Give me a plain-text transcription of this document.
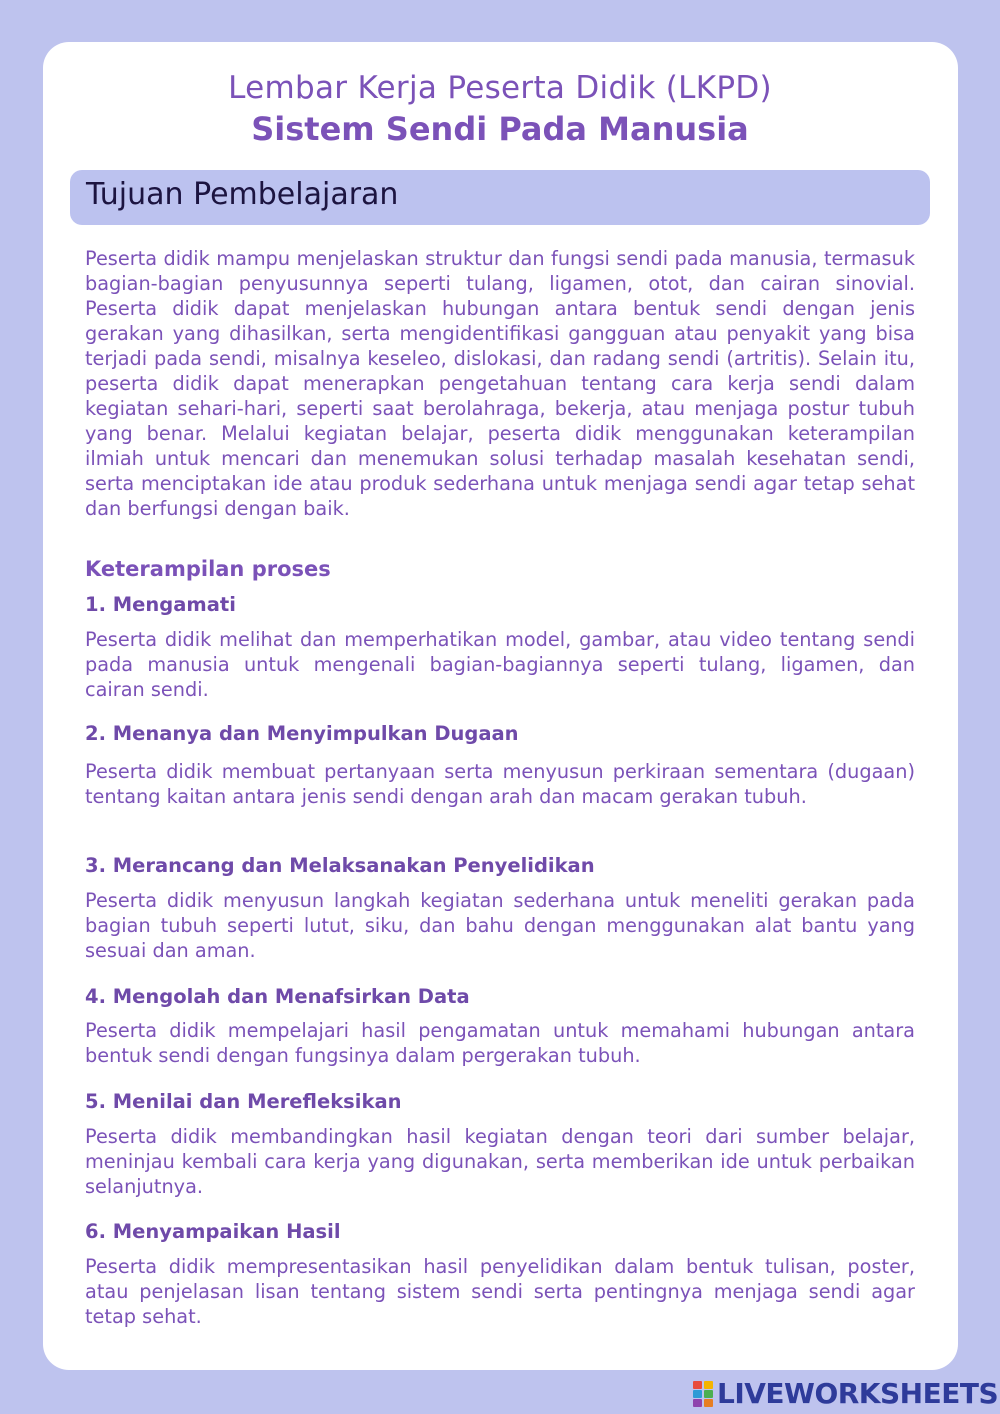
Lembar Kerja Peserta Didik (LKPD)
Sistem Sendi Pada Manusia
Tujuan Pembelajaran

Peserta didik mampu menjelaskan struktur dan fungsi sendi pada manusia, termasuk bagian-bagian penyusunnya seperti tulang, ligamen, otot, dan cairan sinovial. Peserta didik dapat menjelaskan hubungan antara bentuk sendi dengan jenis gerakan yang dihasilkan, serta mengidentifikasi gangguan atau penyakit yang bisa terjadi pada sendi, misalnya keseleo, dislokasi, dan radang sendi (artritis). Selain itu, peserta didik dapat menerapkan pengetahuan tentang cara kerja sendi dalam kegiatan sehari-hari, seperti saat berolahraga, bekerja, atau menjaga postur tubuh yang benar. Melalui kegiatan belajar, peserta didik menggunakan keterampilan ilmiah untuk mencari dan menemukan solusi terhadap masalah kesehatan sendi, serta menciptakan ide atau produk sederhana untuk menjaga sendi agar tetap sehat dan berfungsi dengan baik.

Keterampilan proses
1. Mengamati

Peserta didik melihat dan memperhatikan model, gambar, atau video tentang sendi pada manusia untuk mengenali bagian-bagiannya seperti tulang, ligamen, dan cairan sendi.

2. Menanya dan Menyimpulkan Dugaan

Peserta didik membuat pertanyaan serta menyusun perkiraan sementara (dugaan) tentang kaitan antara jenis sendi dengan arah dan macam gerakan tubuh.

3. Merancang dan Melaksanakan Penyelidikan

Peserta didik menyusun langkah kegiatan sederhana untuk meneliti gerakan pada bagian tubuh seperti lutut, siku, dan bahu dengan menggunakan alat bantu yang sesuai dan aman.

4. Mengolah dan Menafsirkan Data

Peserta didik mempelajari hasil pengamatan untuk memahami hubungan antara bentuk sendi dengan fungsinya dalam pergerakan tubuh.

5. Menilai dan Merefleksikan

Peserta didik membandingkan hasil kegiatan dengan teori dari sumber belajar, meninjau kembali cara kerja yang digunakan, serta memberikan ide untuk perbaikan selanjutnya.

6. Menyampaikan Hasil

Peserta didik mempresentasikan hasil penyelidikan dalam bentuk tulisan, poster, atau penjelasan lisan tentang sistem sendi serta pentingnya menjaga sendi agar tetap sehat.

LIVEWORKSHEETS
